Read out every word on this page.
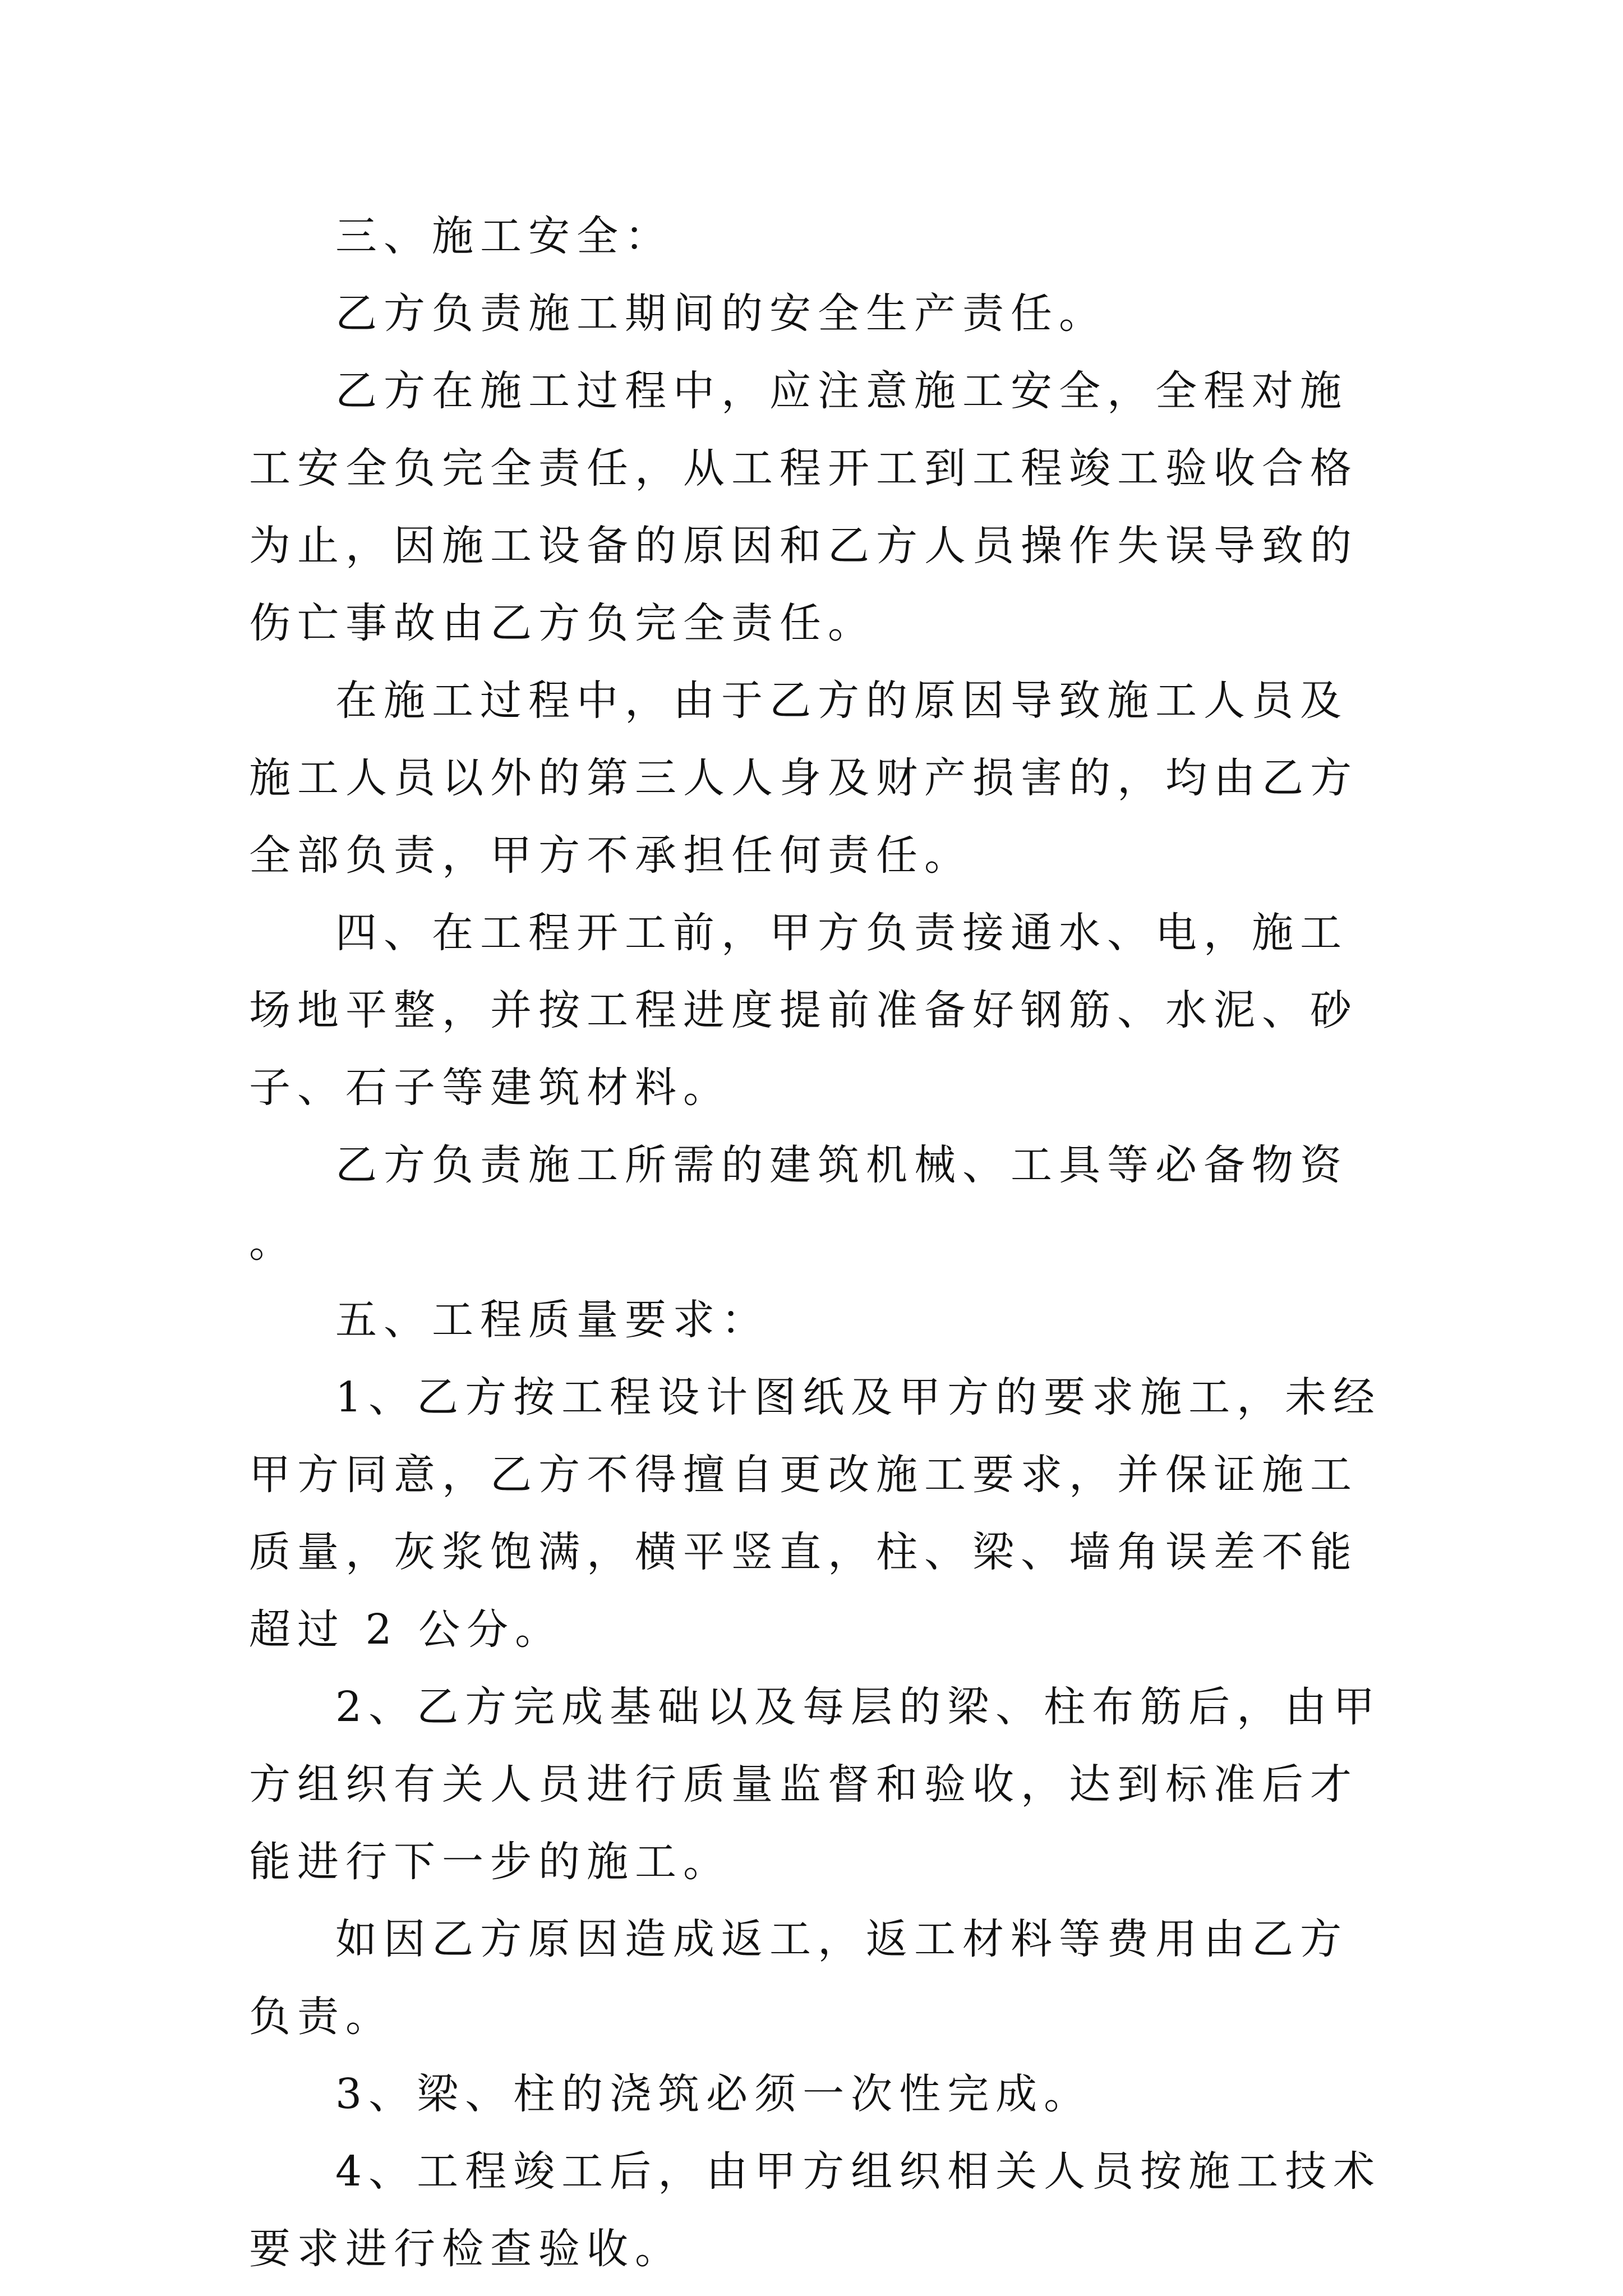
三、施工安全：

乙方负责施工期间的安全生产责任。

乙方在施工过程中，应注意施工安全，全程对施工安全负完全责任，从工程开工到工程竣工验收合格为止，因施工设备的原因和乙方人员操作失误导致的伤亡事故由乙方负完全责任。

在施工过程中，由于乙方的原因导致施工人员及施工人员以外的第三人人身及财产损害的，均由乙方全部负责，甲方不承担任何责任。

四、在工程开工前，甲方负责接通水、电，施工场地平整，并按工程进度提前准备好钢筋、水泥、砂子、石子等建筑材料。

乙方负责施工所需的建筑机械、工具等必备物资。

五、工程质量要求：

1、乙方按工程设计图纸及甲方的要求施工，未经甲方同意，乙方不得擅自更改施工要求，并保证施工质量，灰浆饱满，横平竖直，柱、梁、墙角误差不能超过 2 公分。

2、乙方完成基础以及每层的梁、柱布筋后，由甲方组织有关人员进行质量监督和验收，达到标准后才能进行下一步的施工。

如因乙方原因造成返工，返工材料等费用由乙方负责。

3、梁、柱的浇筑必须一次性完成。

4、工程竣工后，由甲方组织相关人员按施工技术要求进行检查验收。
